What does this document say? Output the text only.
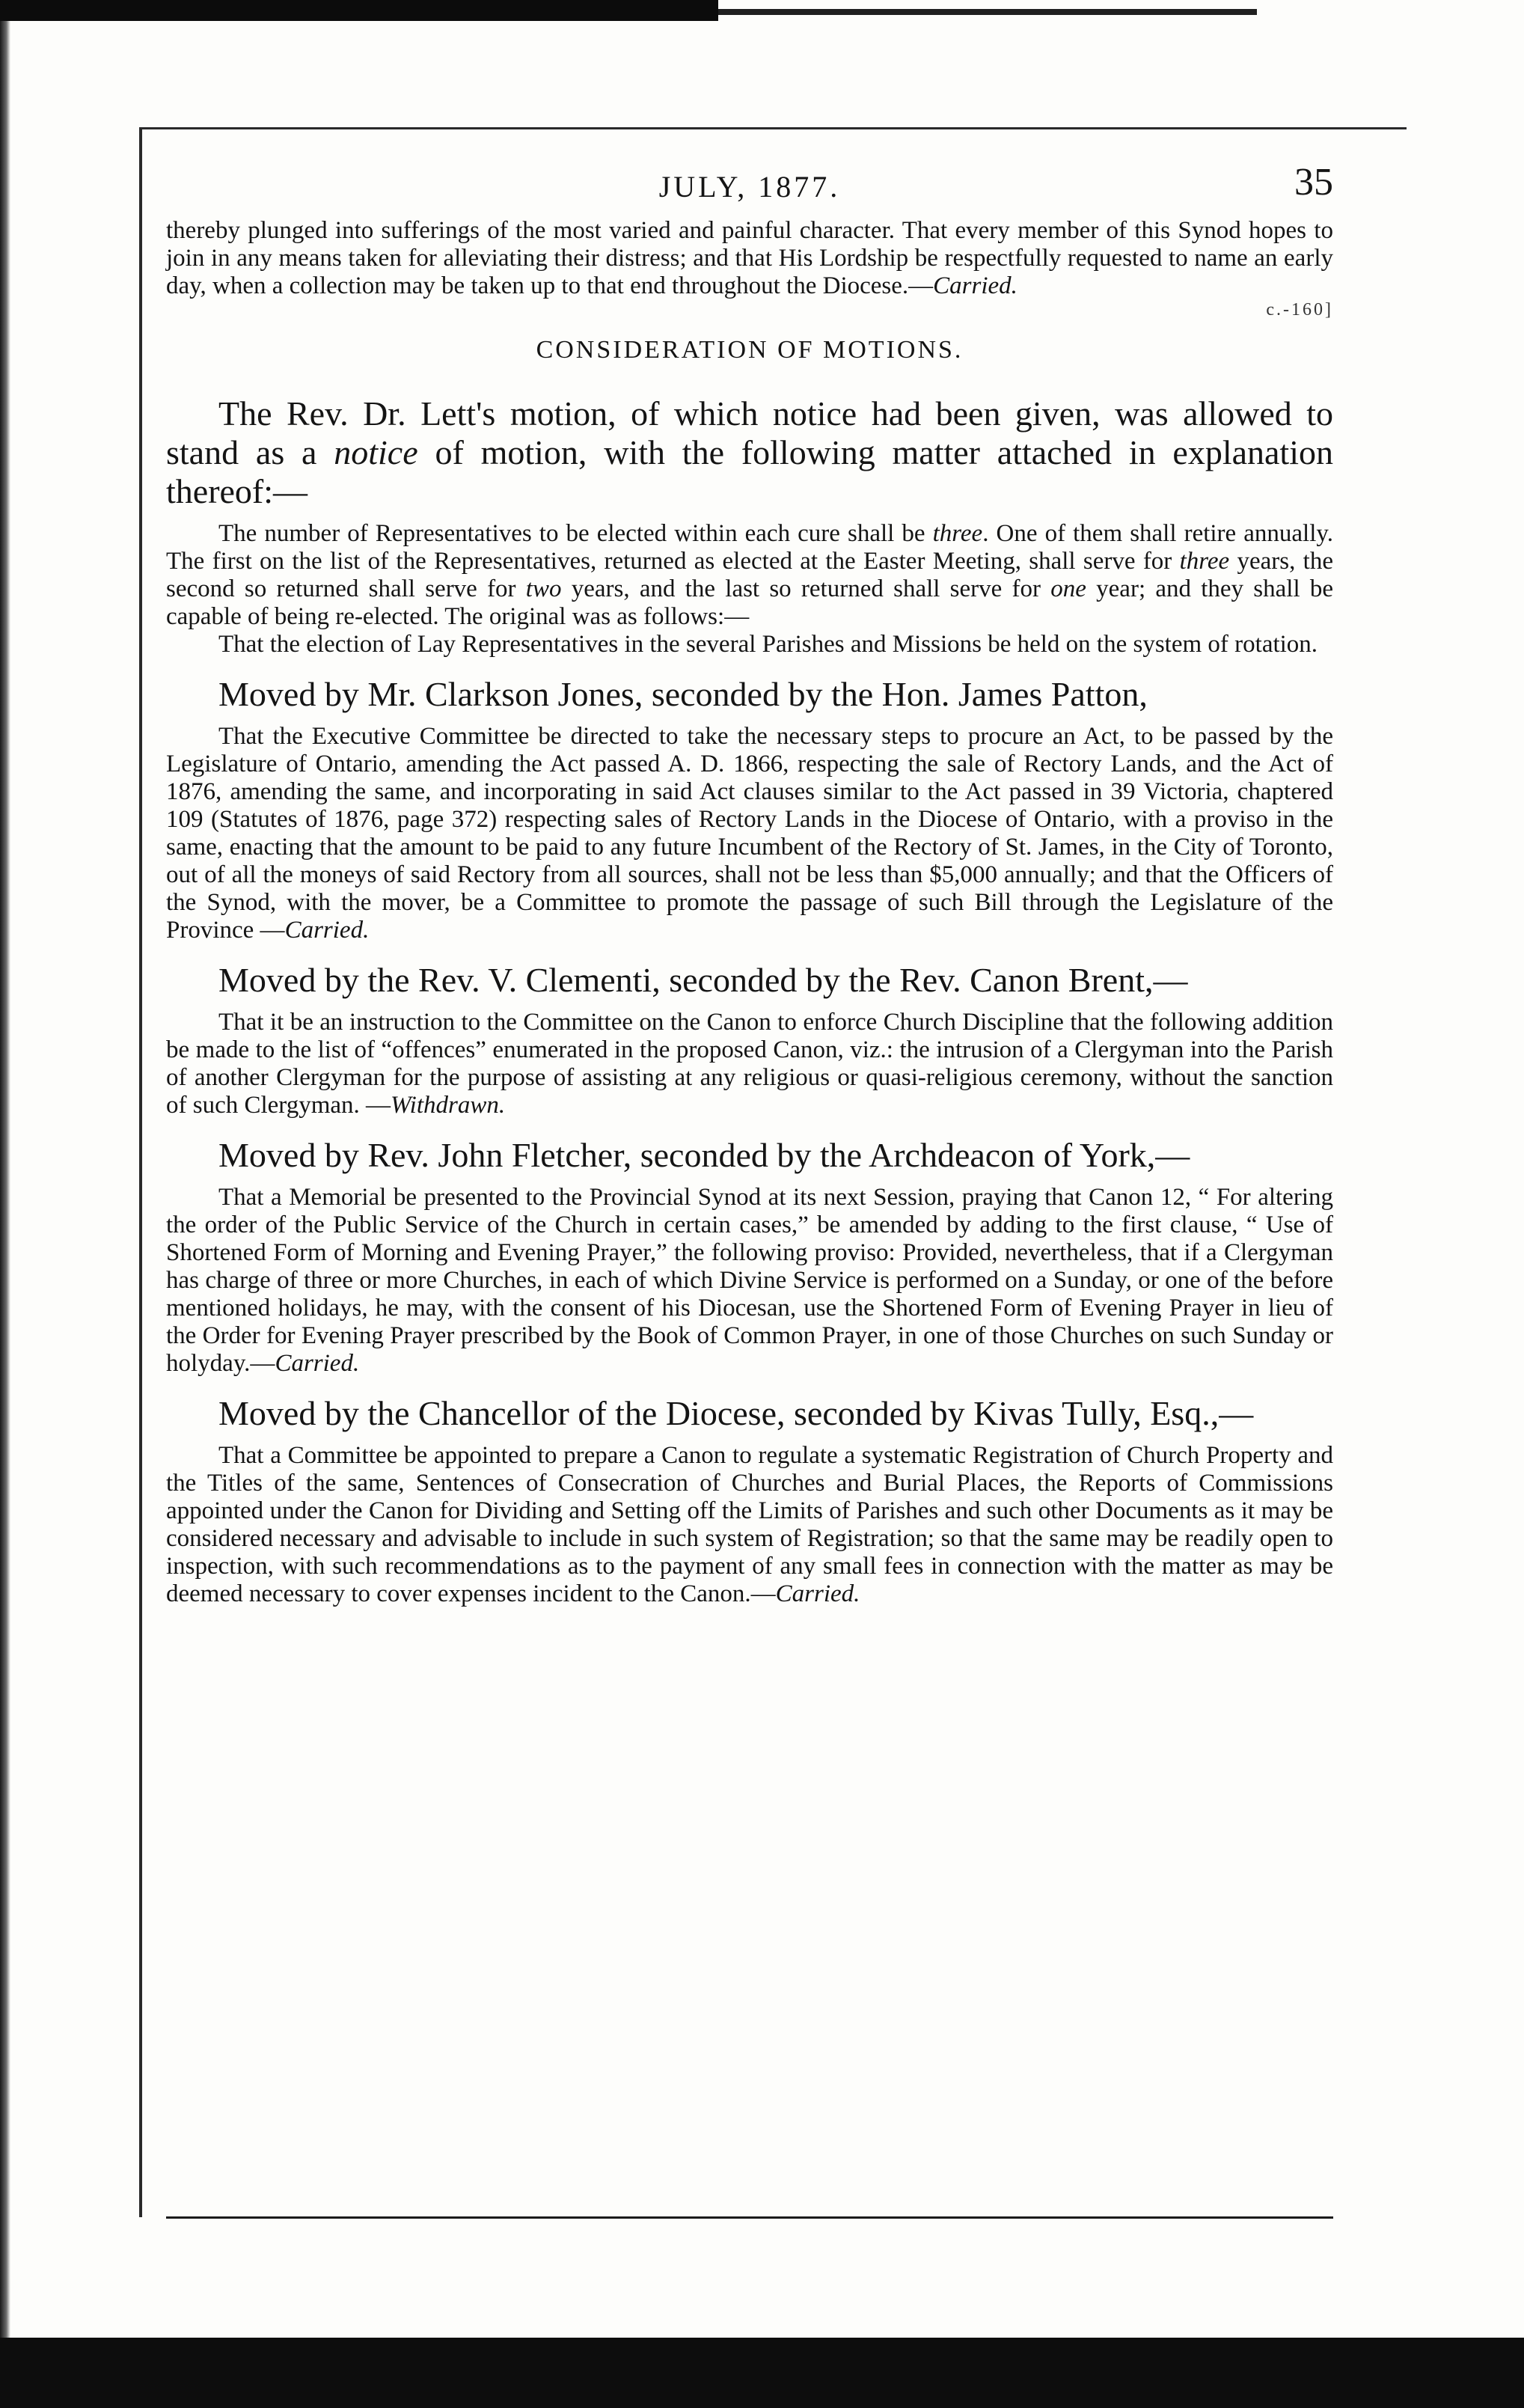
JULY, 1877.	35

thereby plunged into sufferings of the most varied and painful character. That every member of this Synod hopes to join in any means taken for alleviating their distress; and that His Lordship be respectfully requested to name an early day, when a collection may be taken up to that end throughout the Diocese.—Carried.

CONSIDERATION OF MOTIONS.
c.-160]

The Rev. Dr. Lett's motion, of which notice had been given, was allowed to stand as a notice of motion, with the following matter attached in explanation thereof:—

The number of Representatives to be elected within each cure shall be three. One of them shall retire annually. The first on the list of the Representatives, returned as elected at the Easter Meeting, shall serve for three years, the second so returned shall serve for two years, and the last so returned shall serve for one year; and they shall be capable of being re-elected. The original was as follows:—

That the election of Lay Representatives in the several Parishes and Missions be held on the system of rotation.

Moved by Mr. Clarkson Jones, seconded by the Hon. James Patton,

That the Executive Committee be directed to take the necessary steps to procure an Act, to be passed by the Legislature of Ontario, amending the Act passed A. D. 1866, respecting the sale of Rectory Lands, and the Act of 1876, amending the same, and incorporating in said Act clauses similar to the Act passed in 39 Victoria, chaptered 109 (Statutes of 1876, page 372) respecting sales of Rectory Lands in the Diocese of Ontario, with a proviso in the same, enacting that the amount to be paid to any future Incumbent of the Rectory of St. James, in the City of Toronto, out of all the moneys of said Rectory from all sources, shall not be less than $5,000 annually; and that the Officers of the Synod, with the mover, be a Committee to promote the passage of such Bill through the Legislature of the Province —Carried.

Moved by the Rev. V. Clementi, seconded by the Rev. Canon Brent,—

That it be an instruction to the Committee on the Canon to enforce Church Discipline that the following addition be made to the list of “offences” enumerated in the proposed Canon, viz.: the intrusion of a Clergyman into the Parish of another Clergyman for the purpose of assisting at any religious or quasi-religious ceremony, without the sanction of such Clergyman. —Withdrawn.

Moved by Rev. John Fletcher, seconded by the Archdeacon of York,—

That a Memorial be presented to the Provincial Synod at its next Session, praying that Canon 12, “ For altering the order of the Public Service of the Church in certain cases,” be amended by adding to the first clause, “ Use of Shortened Form of Morning and Evening Prayer,” the following proviso: Provided, nevertheless, that if a Clergyman has charge of three or more Churches, in each of which Divine Service is performed on a Sunday, or one of the before mentioned holidays, he may, with the consent of his Diocesan, use the Shortened Form of Evening Prayer in lieu of the Order for Evening Prayer prescribed by the Book of Common Prayer, in one of those Churches on such Sunday or holyday.—Carried.

Moved by the Chancellor of the Diocese, seconded by Kivas Tully, Esq.,—

That a Committee be appointed to prepare a Canon to regulate a systematic Registration of Church Property and the Titles of the same, Sentences of Consecration of Churches and Burial Places, the Reports of Commissions appointed under the Canon for Dividing and Setting off the Limits of Parishes and such other Documents as it may be considered necessary and advisable to include in such system of Registration; so that the same may be readily open to inspection, with such recommendations as to the payment of any small fees in connection with the matter as may be deemed necessary to cover expenses incident to the Canon.—Carried.
